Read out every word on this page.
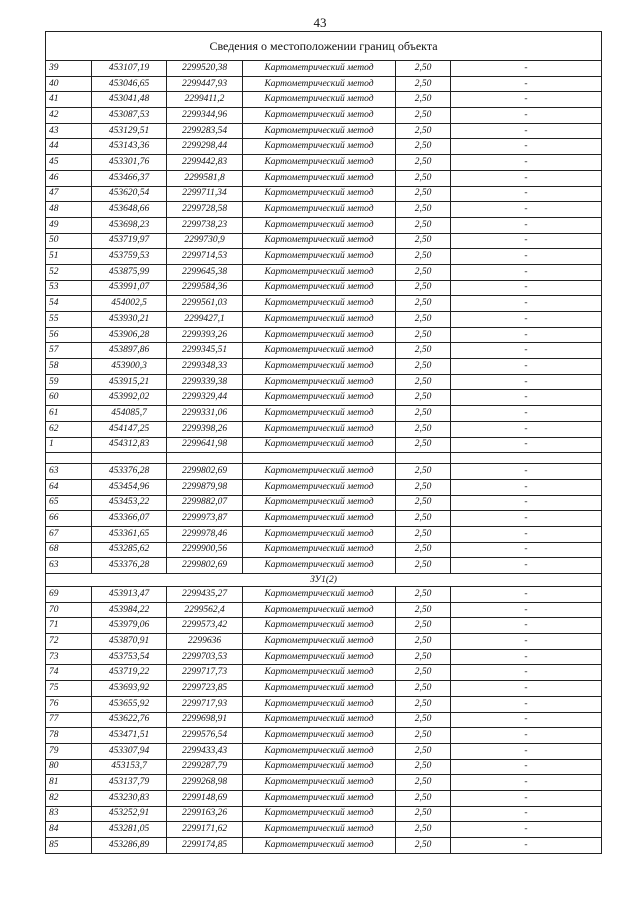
43
Сведения о местоположении границ объекта					
39	453107,19	2299520,38	Картометрический метод	2,50	-
40	453046,65	2299447,93	Картометрический метод	2,50	-
41	453041,48	2299411,2	Картометрический метод	2,50	-
42	453087,53	2299344,96	Картометрический метод	2,50	-
43	453129,51	2299283,54	Картометрический метод	2,50	-
44	453143,36	2299298,44	Картометрический метод	2,50	-
45	453301,76	2299442,83	Картометрический метод	2,50	-
46	453466,37	2299581,8	Картометрический метод	2,50	-
47	453620,54	2299711,34	Картометрический метод	2,50	-
48	453648,66	2299728,58	Картометрический метод	2,50	-
49	453698,23	2299738,23	Картометрический метод	2,50	-
50	453719,97	2299730,9	Картометрический метод	2,50	-
51	453759,53	2299714,53	Картометрический метод	2,50	-
52	453875,99	2299645,38	Картометрический метод	2,50	-
53	453991,07	2299584,36	Картометрический метод	2,50	-
54	454002,5	2299561,03	Картометрический метод	2,50	-
55	453930,21	2299427,1	Картометрический метод	2,50	-
56	453906,28	2299393,26	Картометрический метод	2,50	-
57	453897,86	2299345,51	Картометрический метод	2,50	-
58	453900,3	2299348,33	Картометрический метод	2,50	-
59	453915,21	2299339,38	Картометрический метод	2,50	-
60	453992,02	2299329,44	Картометрический метод	2,50	-
61	454085,7	2299331,06	Картометрический метод	2,50	-
62	454147,25	2299398,26	Картометрический метод	2,50	-
1	454312,83	2299641,98	Картометрический метод	2,50	-

63	453376,28	2299802,69	Картометрический метод	2,50	-
64	453454,96	2299879,98	Картометрический метод	2,50	-
65	453453,22	2299882,07	Картометрический метод	2,50	-
66	453366,07	2299973,87	Картометрический метод	2,50	-
67	453361,65	2299978,46	Картометрический метод	2,50	-
68	453285,62	2299900,56	Картометрический метод	2,50	-
63	453376,28	2299802,69	Картометрический метод	2,50	-
ЗУ1(2)					
69	453913,47	2299435,27	Картометрический метод	2,50	-
70	453984,22	2299562,4	Картометрический метод	2,50	-
71	453979,06	2299573,42	Картометрический метод	2,50	-
72	453870,91	2299636	Картометрический метод	2,50	-
73	453753,54	2299703,53	Картометрический метод	2,50	-
74	453719,22	2299717,73	Картометрический метод	2,50	-
75	453693,92	2299723,85	Картометрический метод	2,50	-
76	453655,92	2299717,93	Картометрический метод	2,50	-
77	453622,76	2299698,91	Картометрический метод	2,50	-
78	453471,51	2299576,54	Картометрический метод	2,50	-
79	453307,94	2299433,43	Картометрический метод	2,50	-
80	453153,7	2299287,79	Картометрический метод	2,50	-
81	453137,79	2299268,98	Картометрический метод	2,50	-
82	453230,83	2299148,69	Картометрический метод	2,50	-
83	453252,91	2299163,26	Картометрический метод	2,50	-
84	453281,05	2299171,62	Картометрический метод	2,50	-
85	453286,89	2299174,85	Картометрический метод	2,50	-
